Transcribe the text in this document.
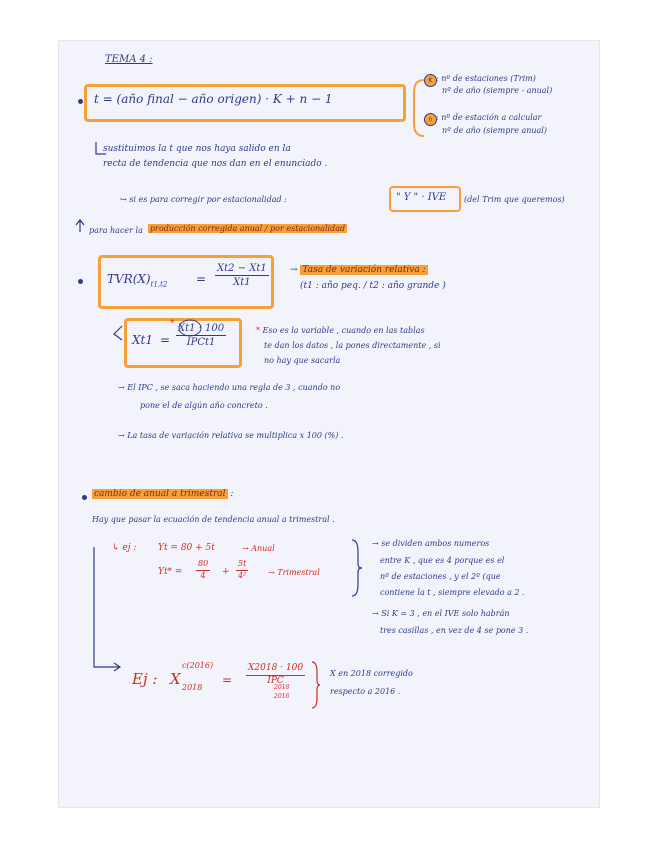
TEMA 4 :
t = (año final − año origen) · K + n − 1
K : nº de estaciones (Trim)
nº de año (siempre - anual)
n : nº de estación a calcular
nº de año (siempre anual)
sustituimos la t que nos haya salido en la
recta de tendencia que nos dan en el enunciado .
↪ si es para corregir por estacionalidad :	" Y " · IVE (del Trim que queremos)
para hacer la producción corregida anual / por estacionalidad
$TVR(X)_{t1,t2} = \frac{Xt2 - Xt1}{Xt1}$ → Tasa de variación relativa :
(t1 : año peq. / t2 : año grande )
Xt1 =
* Xt1 · 100
IPCt1
* Eso es la variable , cuando en las tablas
te dan los datos , la pones directamente , si
no hay que sacarla
→ El IPC , se saca haciendo una regla de 3 , cuando no
pone el de algún año concreto .
→ La tasa de variación relativa se multiplica x 100 (%) .
cambio de anual a trimestral :
Hay que pasar la ecuación de tendencia anual a trimestral .
↳ ej : Yt = 80 + 5t	→ Anual
$Yt* = \frac{80}{4} + \frac{5t}{\text{4²}}$ → Trimestral
→ se dividen ambos numeros
entre K , que es 4 porque es el
nº de estaciones , y el 2º (que
contiene la t , siempre elevado a 2 .
→ Si K = 3 , en el IVE solo habrán
tres casillas , en vez de 4 se pone 3 .
Ej : X
c(2016)
2018
=
X2018 · 100
IPC
2018
2016
X en 2018 corregido
respecto a 2016 .
